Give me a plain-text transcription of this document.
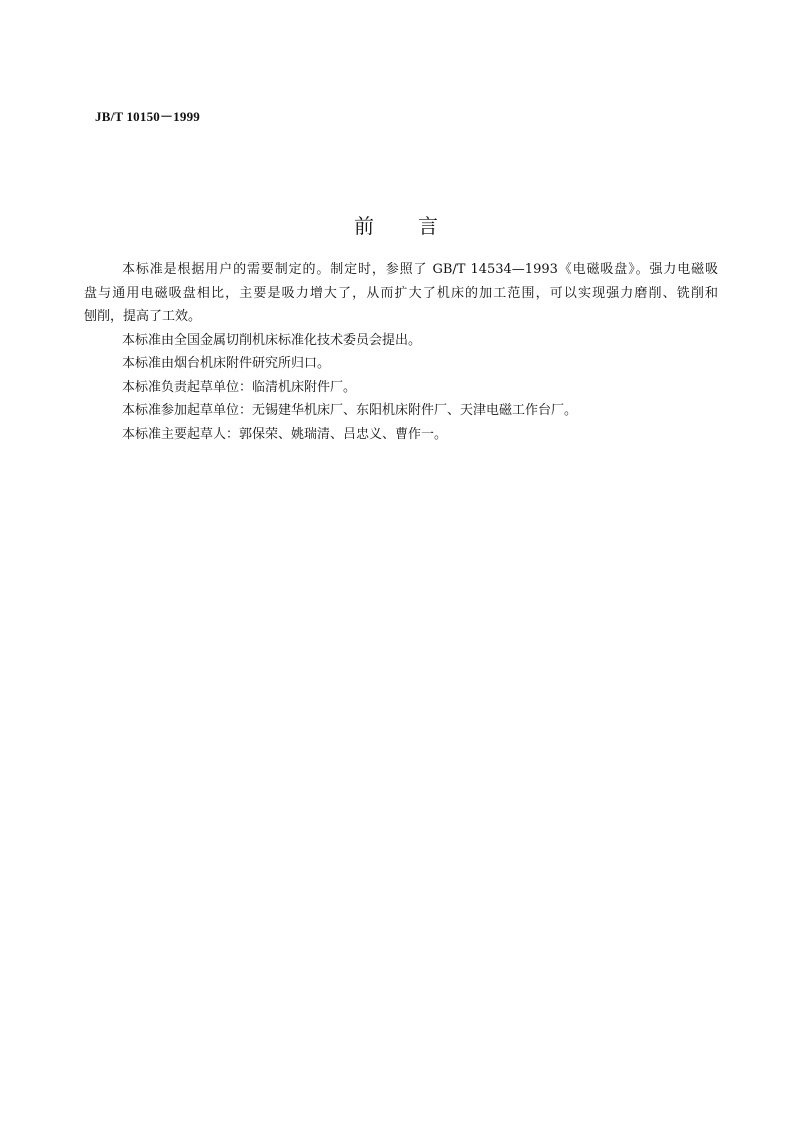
JB/T 10150－1999
前 言
本标准是根据用户的需要制定的。制定时，参照了 GB/T 14534—1993《电磁吸盘》。强力电磁吸
盘与通用电磁吸盘相比，主要是吸力增大了，从而扩大了机床的加工范围，可以实现强力磨削、铣削和
刨削，提高了工效。

本标准由全国金属切削机床标准化技术委员会提出。

本标准由烟台机床附件研究所归口。

本标准负责起草单位：临清机床附件厂。

本标准参加起草单位：无锡建华机床厂、东阳机床附件厂、天津电磁工作台厂。

本标准主要起草人：郭保荣、姚瑞清、吕忠义、曹作一。
